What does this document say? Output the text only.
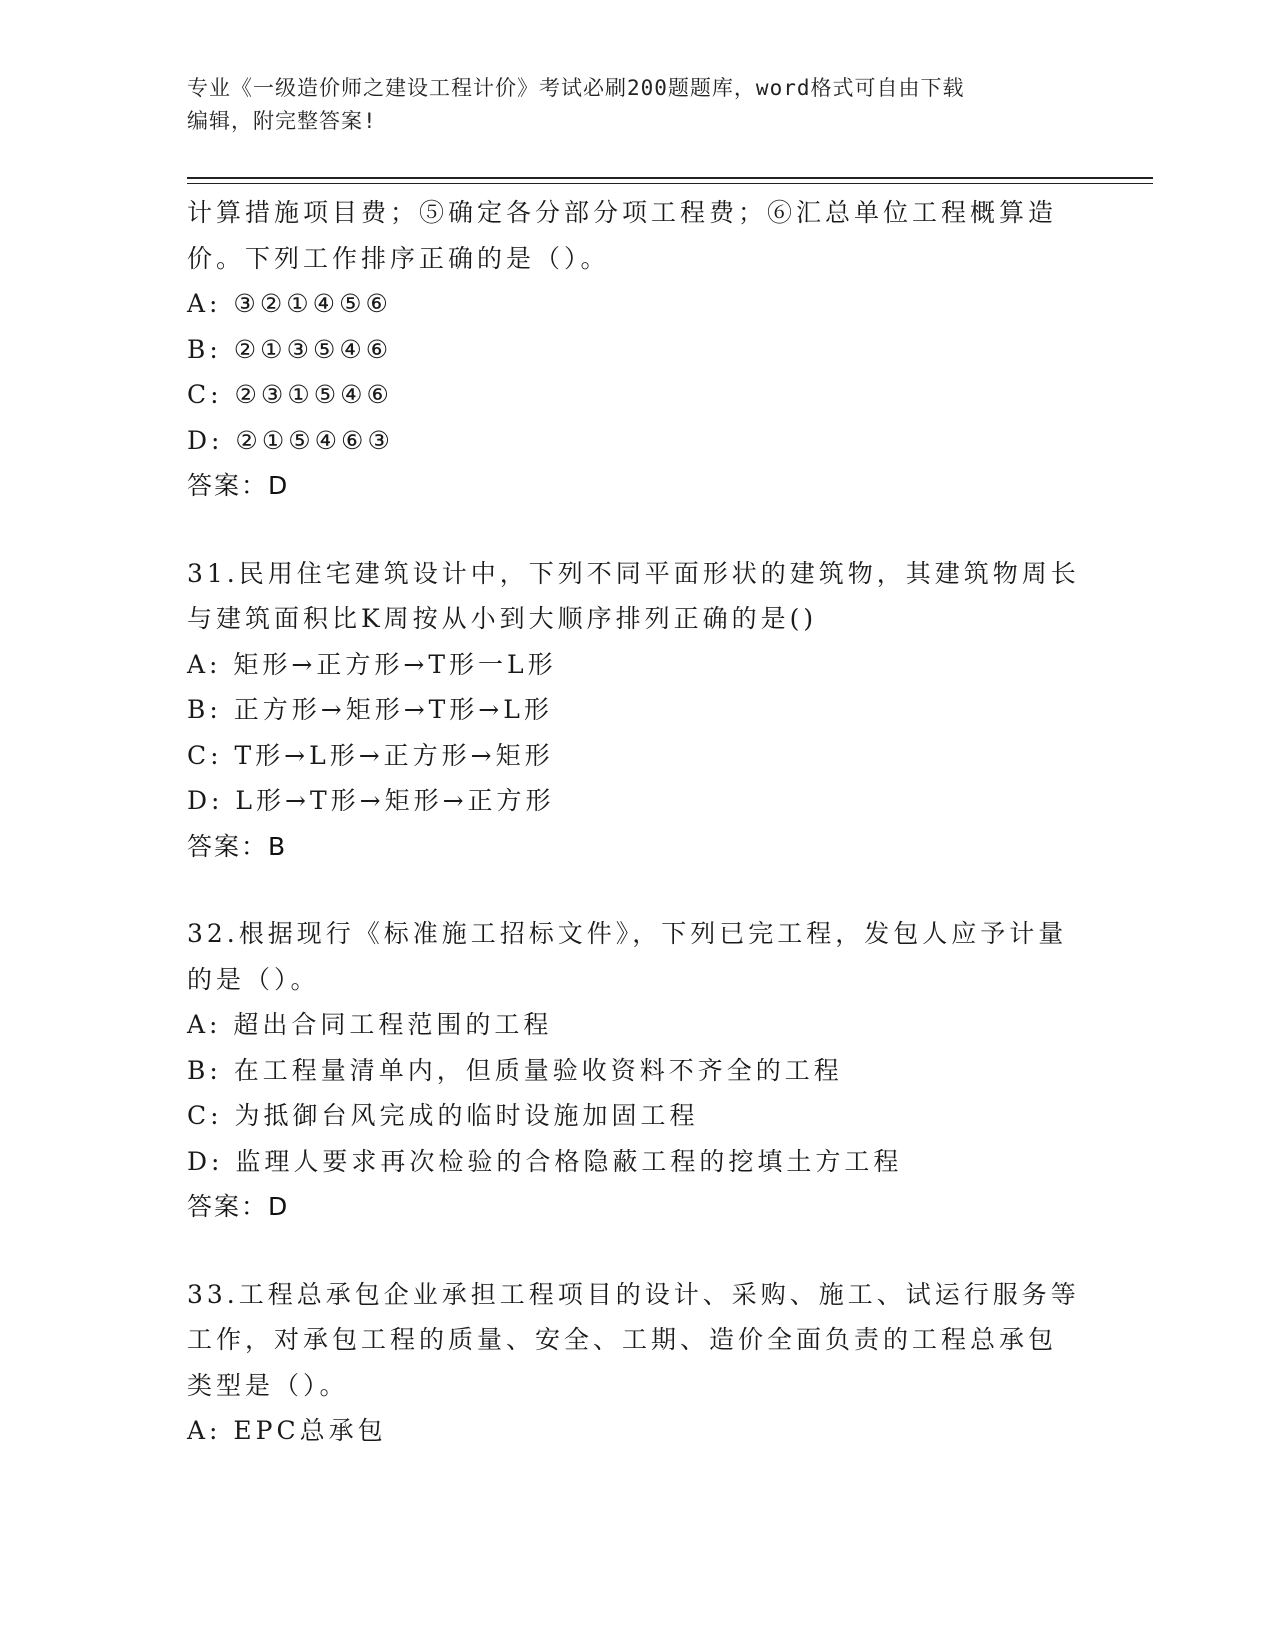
专业《一级造价师之建设工程计价》考试必刷200题题库，word格式可自由下载
编辑，附完整答案!
计算措施项目费；⑤确定各分部分项工程费；⑥汇总单位工程概算造
价。下列工作排序正确的是（）。
A: ③②①④⑤⑥
B: ②①③⑤④⑥
C: ②③①⑤④⑥
D: ②①⑤④⑥③
答案：D
31.民用住宅建筑设计中，下列不同平面形状的建筑物，其建筑物周长
与建筑面积比K周按从小到大顺序排列正确的是()
A: 矩形→正方形→T形一L形
B: 正方形→矩形→T形→L形
C: T形→L形→正方形→矩形
D: L形→T形→矩形→正方形
答案：B
32.根据现行《标准施工招标文件》，下列已完工程，发包人应予计量
的是（）。
A: 超出合同工程范围的工程
B: 在工程量清单内，但质量验收资料不齐全的工程
C: 为抵御台风完成的临时设施加固工程
D: 监理人要求再次检验的合格隐蔽工程的挖填土方工程
答案：D
33.工程总承包企业承担工程项目的设计、采购、施工、试运行服务等
工作，对承包工程的质量、安全、工期、造价全面负责的工程总承包
类型是（）。
A: EPC总承包
